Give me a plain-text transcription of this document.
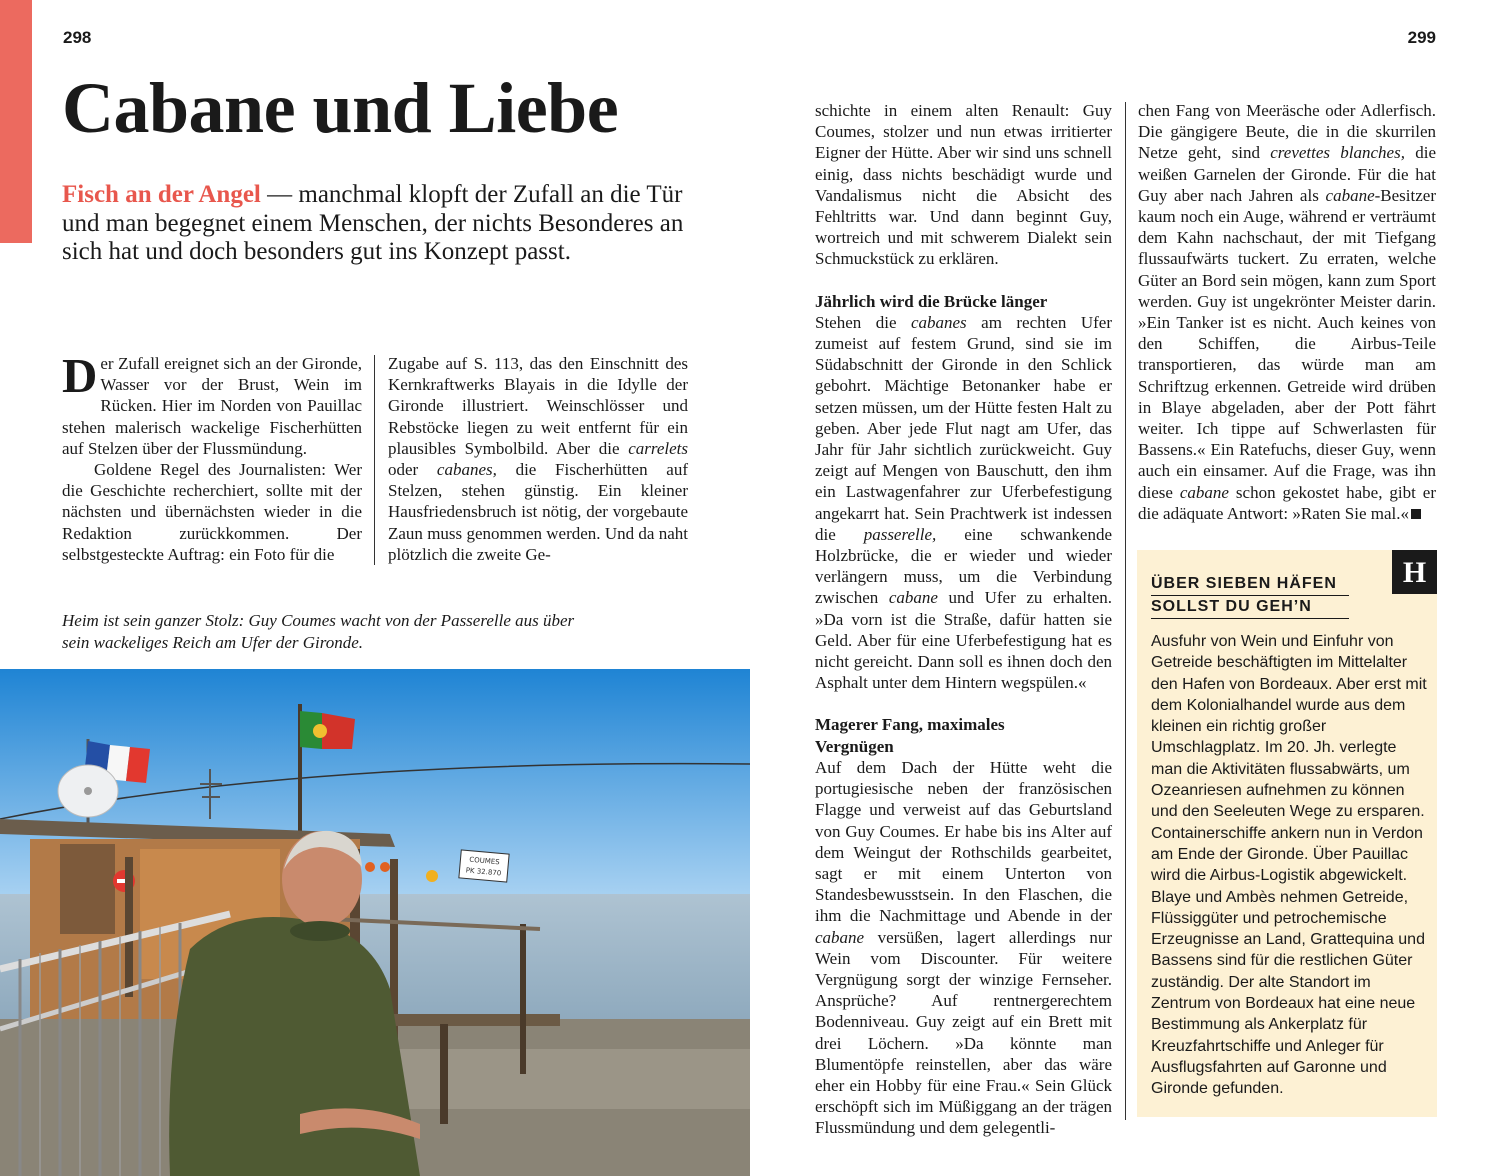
298	299
Cabane und Liebe
Fisch an der Angel — manchmal klopft der Zufall an die Tür und man begegnet einem Menschen, der nichts Besonderes an sich hat und doch besonders gut ins Konzept passt.

Der Zufall ereignet sich an der Gironde, Wasser vor der Brust, Wein im Rücken. Hier im Norden von Pauillac stehen malerisch wackelige Fischerhütten auf Stelzen über der Flussmündung.

Goldene Regel des Journalisten: Wer die Geschichte recherchiert, sollte mit der nächsten und übernächsten wieder in die Redaktion zurückkommen. Der selbstgesteckte Auftrag: ein Foto für die

Zugabe auf S. 113, das den Einschnitt des Kernkraftwerks Blayais in die Idylle der Gironde illustriert. Weinschlösser und Rebstöcke liegen zu weit entfernt für ein plausibles Symbolbild. Aber die carrelets oder cabanes, die Fischerhütten auf Stelzen, stehen günstig. Ein kleiner Hausfriedensbruch ist nötig, der vorgebaute Zaun muss genommen werden. Und da naht plötzlich die zweite Ge-

Heim ist sein ganzer Stolz: Guy Coumes wacht von der Passerelle aus über sein wackeliges Reich am Ufer der Gironde.
COUMES
PK 32.870

schichte in einem alten Renault: Guy Coumes, stolzer und nun etwas irritierter Eigner der Hütte. Aber wir sind uns schnell einig, dass nichts beschädigt wurde und Vandalismus nicht die Absicht des Fehltritts war. Und dann beginnt Guy, wortreich und mit schwerem Dialekt sein Schmuckstück zu erklären.

Jährlich wird die Brücke länger

Stehen die cabanes am rechten Ufer zumeist auf festem Grund, sind sie im Südabschnitt der Gironde in den Schlick gebohrt. Mächtige Betonanker habe er setzen müssen, um der Hütte festen Halt zu geben. Aber jede Flut nagt am Ufer, das Jahr für Jahr sichtlich zurückweicht. Guy zeigt auf Mengen von Bauschutt, den ihm ein Lastwagenfahrer zur Uferbefestigung angekarrt hat. Sein Prachtwerk ist indessen die passerelle, eine schwankende Holzbrücke, die er wieder und wieder verlängern muss, um die Verbindung zwischen cabane und Ufer zu erhalten. »Da vorn ist die Straße, dafür hatten sie Geld. Aber für eine Uferbefestigung hat es nicht gereicht. Dann soll es ihnen doch den Asphalt unter dem Hintern wegspülen.«

Magerer Fang, maximales
Vergnügen

Auf dem Dach der Hütte weht die portugiesische neben der französischen Flagge und verweist auf das Geburtsland von Guy Coumes. Er habe bis ins Alter auf dem Weingut der Rothschilds gearbeitet, sagt er mit einem Unterton von Standesbewusstsein. In den Flaschen, die ihm die Nachmittage und Abende in der cabane versüßen, lagert allerdings nur Wein vom Discounter. Für weitere Vergnügung sorgt der winzige Fernseher. Ansprüche? Auf rentnergerechtem Bodenniveau. Guy zeigt auf ein Brett mit drei Löchern. »Da könnte man Blumentöpfe reinstellen, aber das wäre eher ein Hobby für eine Frau.« Sein Glück erschöpft sich im Müßiggang an der trägen Flussmündung und dem gelegentli-

chen Fang von Meeräsche oder Adlerfisch. Die gängigere Beute, die in die skurrilen Netze geht, sind crevettes blanches, die weißen Garnelen der Gironde. Für die hat Guy aber nach Jahren als cabane-Besitzer kaum noch ein Auge, während er verträumt dem Kahn nachschaut, der mit Tiefgang flussaufwärts tuckert. Zu erraten, welche Güter an Bord sein mögen, kann zum Sport werden. Guy ist ungekrönter Meister darin. »Ein Tanker ist es nicht. Auch keines von den Schiffen, die Airbus-Teile transportieren, das würde man am Schriftzug erkennen. Getreide wird drüben in Blaye abgeladen, aber der Pott fährt weiter. Ich tippe auf Schwerlasten für Bassens.« Ein Ratefuchs, dieser Guy, wenn auch ein einsamer. Auf die Frage, was ihn diese cabane schon gekostet habe, gibt er die adäquate Antwort: »Raten Sie mal.«

H
ÜBER SIEBEN HÄFEN
SOLLST DU GEH’N
Ausfuhr von Wein und Einfuhr von Getreide beschäftigten im Mittelalter den Hafen von Bordeaux. Aber erst mit dem Kolonialhandel wurde aus dem kleinen ein richtig großer Umschlagplatz. Im 20. Jh. verlegte man die Aktivitäten flussabwärts, um Ozeanriesen aufnehmen zu können und den Seeleuten Wege zu ersparen. Containerschiffe ankern nun in Verdon am Ende der Gironde. Über Pauillac wird die Airbus-Logistik abgewickelt. Blaye und Ambès nehmen Getreide, Flüssiggüter und petrochemische Erzeugnisse an Land, Grattequina und Bassens sind für die restlichen Güter zuständig. Der alte Standort im Zentrum von Bordeaux hat eine neue Bestimmung als Ankerplatz für Kreuzfahrtschiffe und Anleger für Ausflugsfahrten auf Garonne und Gironde gefunden.
